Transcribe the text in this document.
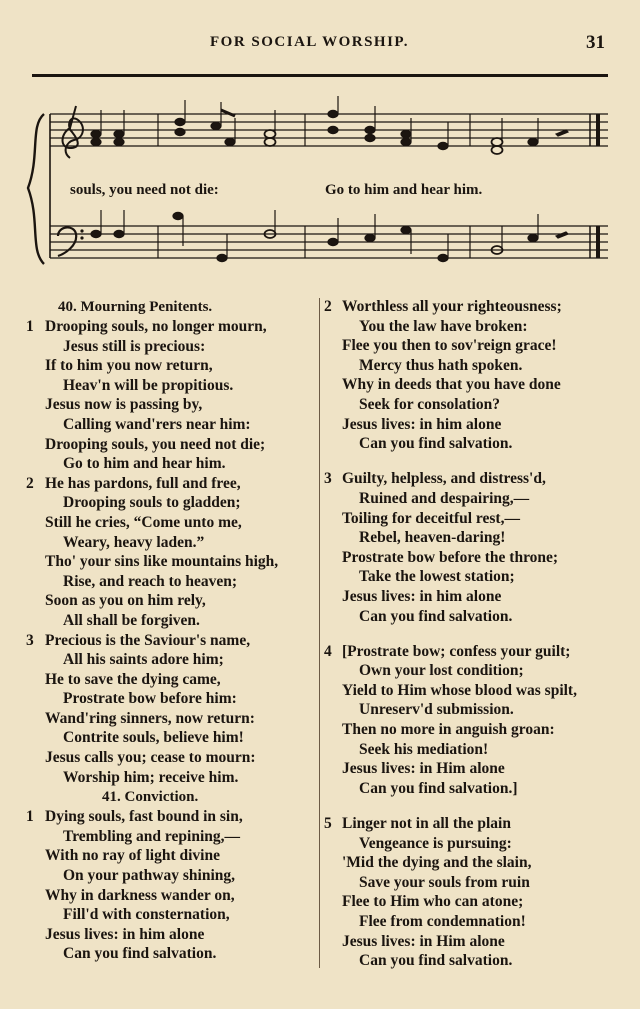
FOR SOCIAL WORSHIP.	31
souls, you need not die:	Go to him and hear him.
40. Mourning Penitents.
1 Drooping souls, no longer mourn,
Jesus still is precious:
If to him you now return,
Heav'n will be propitious.
Jesus now is passing by,
Calling wand'rers near him:
Drooping souls, you need not die;
Go to him and hear him.
2 He has pardons, full and free,
Drooping souls to gladden;
Still he cries, “Come unto me,
Weary, heavy laden.”
Tho' your sins like mountains high,
Rise, and reach to heaven;
Soon as you on him rely,
All shall be forgiven.
3 Precious is the Saviour's name,
All his saints adore him;
He to save the dying came,
Prostrate bow before him:
Wand'ring sinners, now return:
Contrite souls, believe him!
Jesus calls you; cease to mourn:
Worship him; receive him.
41. Conviction.
1 Dying souls, fast bound in sin,
Trembling and repining,—
With no ray of light divine
On your pathway shining,
Why in darkness wander on,
Fill'd with consternation,
Jesus lives: in him alone
Can you find salvation.
2 Worthless all your righteousness;
You the law have broken:
Flee you then to sov'reign grace!
Mercy thus hath spoken.
Why in deeds that you have done
Seek for consolation?
Jesus lives: in him alone
Can you find salvation.
3 Guilty, helpless, and distress'd,
Ruined and despairing,—
Toiling for deceitful rest,—
Rebel, heaven-daring!
Prostrate bow before the throne;
Take the lowest station;
Jesus lives: in him alone
Can you find salvation.
4 [Prostrate bow; confess your guilt;
Own your lost condition;
Yield to Him whose blood was spilt,
Unreserv'd submission.
Then no more in anguish groan:
Seek his mediation!
Jesus lives: in Him alone
Can you find salvation.]
5 Linger not in all the plain
Vengeance is pursuing:
'Mid the dying and the slain,
Save your souls from ruin
Flee to Him who can atone;
Flee from condemnation!
Jesus lives: in Him alone
Can you find salvation.
